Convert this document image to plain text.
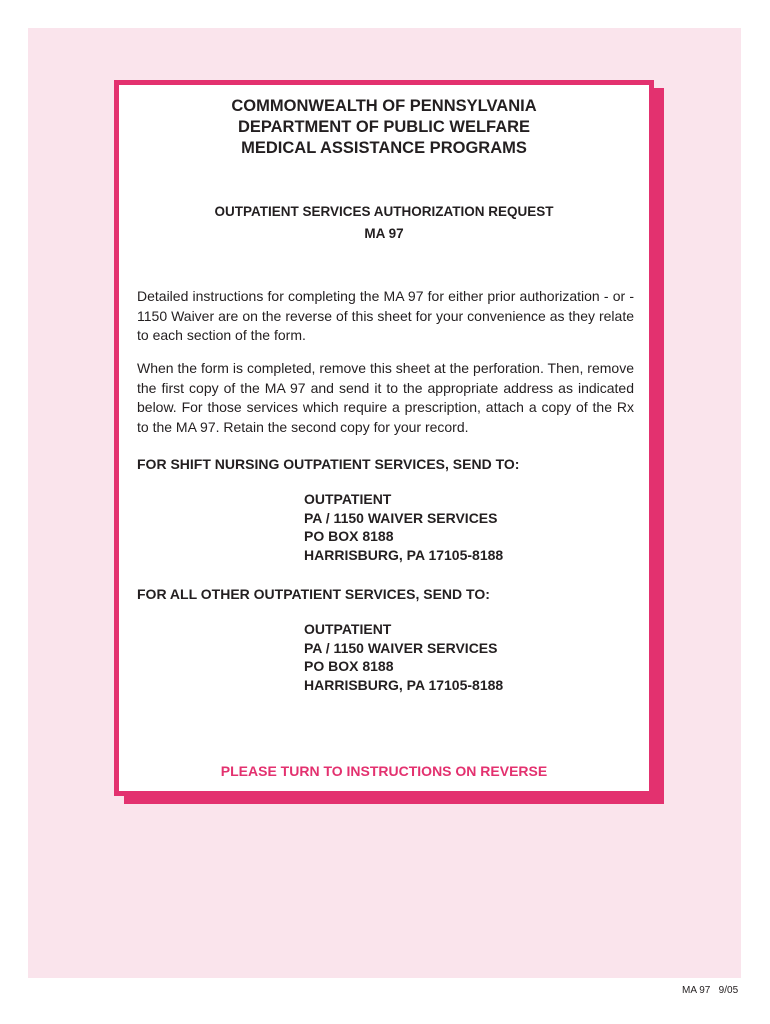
COMMONWEALTH OF PENNSYLVANIA
DEPARTMENT OF PUBLIC WELFARE
MEDICAL ASSISTANCE PROGRAMS
OUTPATIENT SERVICES AUTHORIZATION REQUEST
MA 97
Detailed instructions for completing the MA 97 for either prior authorization - or - 1150 Waiver are on the reverse of this sheet for your convenience as they relate to each section of the form.
When the form is completed, remove this sheet at the perforation. Then, remove the first copy of the MA 97 and send it to the appropriate address as indicated below. For those services which require a prescription, attach a copy of the Rx to the MA 97. Retain the second copy for your record.
FOR SHIFT NURSING OUTPATIENT SERVICES, SEND TO:
OUTPATIENT
PA / 1150 WAIVER SERVICES
PO BOX 8188
HARRISBURG, PA 17105-8188
FOR ALL OTHER OUTPATIENT SERVICES, SEND TO:
OUTPATIENT
PA / 1150 WAIVER SERVICES
PO BOX 8188
HARRISBURG, PA 17105-8188
PLEASE TURN TO INSTRUCTIONS ON REVERSE
MA 97   9/05
